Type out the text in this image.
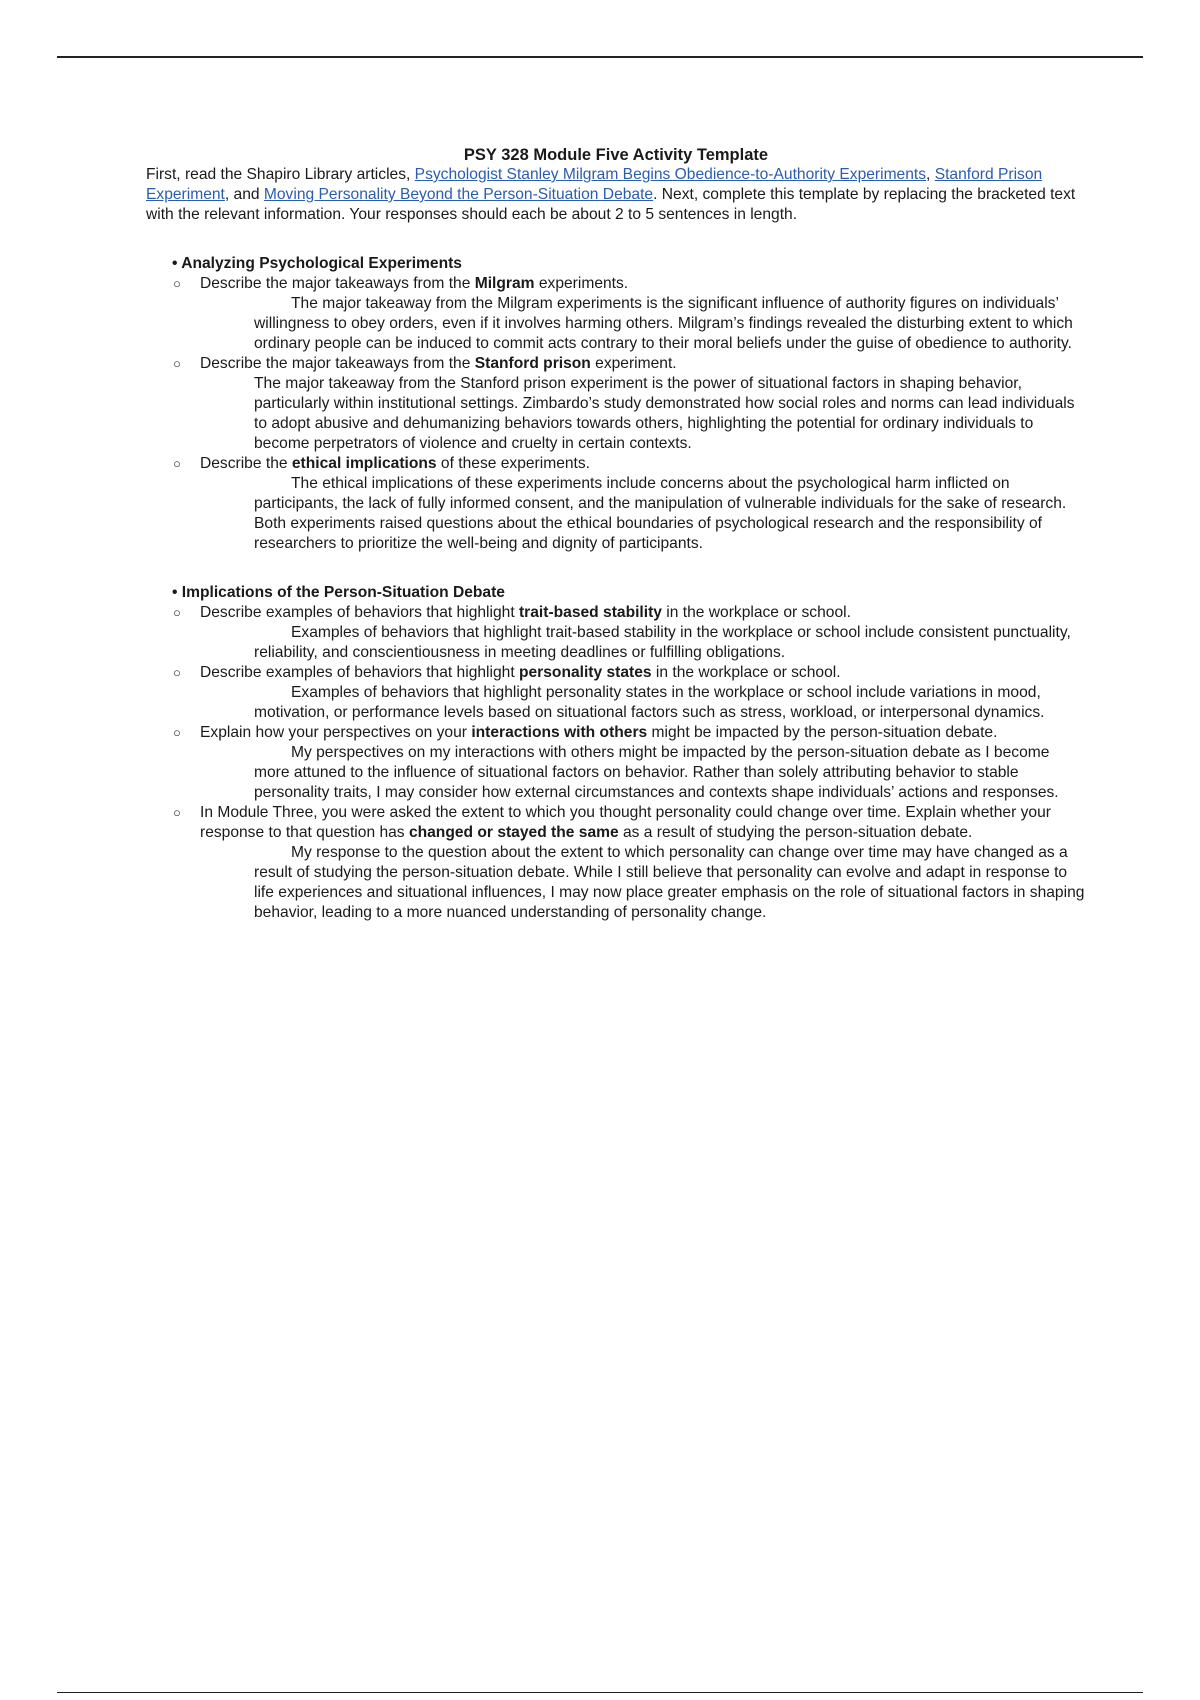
PSY 328 Module Five Activity Template

First, read the Shapiro Library articles, Psychologist Stanley Milgram Begins Obedience-to-Authority Experiments, Stanford Prison Experiment, and Moving Personality Beyond the Person-Situation Debate. Next, complete this template by replacing the bracketed text with the relevant information. Your responses should each be about 2 to 5 sentences in length.

• Analyzing Psychological Experiments
○	Describe the major takeaways from the Milgram experiments.
The major takeaway from the Milgram experiments is the significant influence of authority figures on individuals’ willingness to obey orders, even if it involves harming others. Milgram’s findings revealed the disturbing extent to which ordinary people can be induced to commit acts contrary to their moral beliefs under the guise of obedience to authority.
○	Describe the major takeaways from the Stanford prison experiment.
The major takeaway from the Stanford prison experiment is the power of situational factors in shaping behavior, particularly within institutional settings. Zimbardo’s study demonstrated how social roles and norms can lead individuals to adopt abusive and dehumanizing behaviors towards others, highlighting the potential for ordinary individuals to become perpetrators of violence and cruelty in certain contexts.
○	Describe the ethical implications of these experiments.
The ethical implications of these experiments include concerns about the psychological harm inflicted on participants, the lack of fully informed consent, and the manipulation of vulnerable individuals for the sake of research. Both experiments raised questions about the ethical boundaries of psychological research and the responsibility of researchers to prioritize the well-being and dignity of participants.
• Implications of the Person-Situation Debate
○	Describe examples of behaviors that highlight trait-based stability in the workplace or school.
Examples of behaviors that highlight trait-based stability in the workplace or school include consistent punctuality, reliability, and conscientiousness in meeting deadlines or fulfilling obligations.
○	Describe examples of behaviors that highlight personality states in the workplace or school.
Examples of behaviors that highlight personality states in the workplace or school include variations in mood, motivation, or performance levels based on situational factors such as stress, workload, or interpersonal dynamics.
○	Explain how your perspectives on your interactions with others might be impacted by the person-situation debate.
My perspectives on my interactions with others might be impacted by the person-situation debate as I become more attuned to the influence of situational factors on behavior. Rather than solely attributing behavior to stable personality traits, I may consider how external circumstances and contexts shape individuals’ actions and responses.
○	In Module Three, you were asked the extent to which you thought personality could change over time. Explain whether your response to that question has changed or stayed the same as a result of studying the person-situation debate.
My response to the question about the extent to which personality can change over time may have changed as a result of studying the person-situation debate. While I still believe that personality can evolve and adapt in response to life experiences and situational influences, I may now place greater emphasis on the role of situational factors in shaping behavior, leading to a more nuanced understanding of personality change.
